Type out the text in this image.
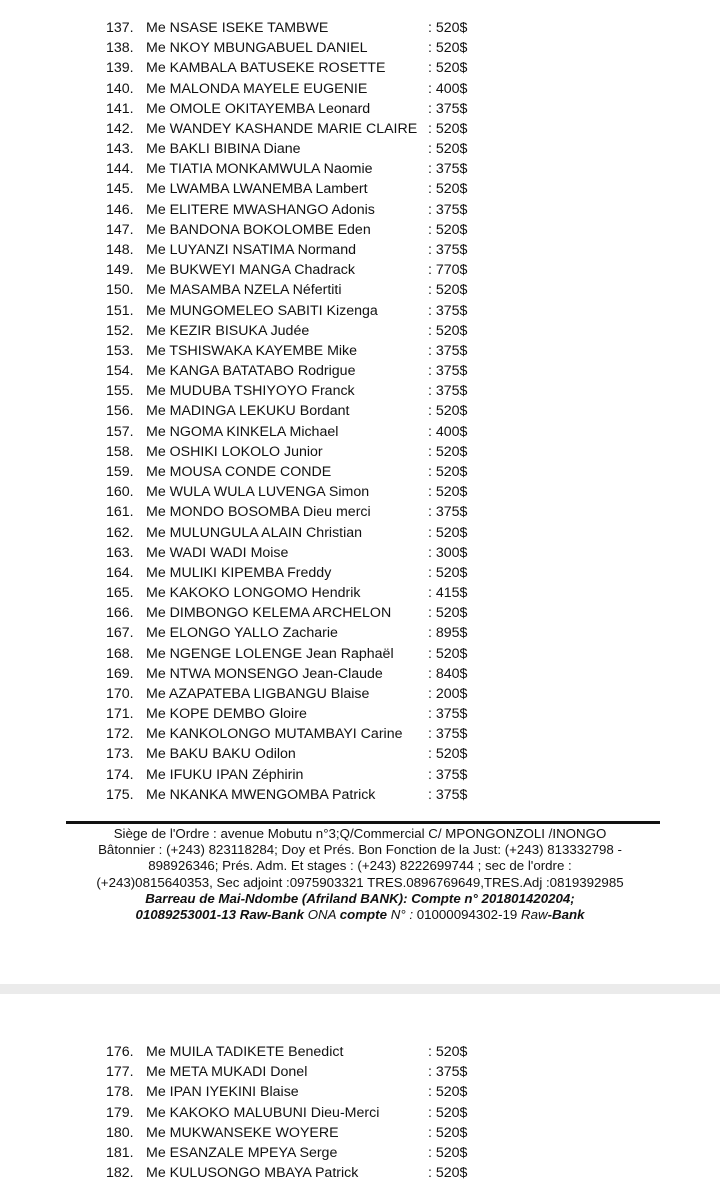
137. Me NSASE ISEKE TAMBWE	: 520$
138. Me NKOY MBUNGABUEL DANIEL	: 520$
139. Me KAMBALA BATUSEKE ROSETTE	: 520$
140. Me MALONDA MAYELE EUGENIE	: 400$
141. Me OMOLE OKITAYEMBA Leonard	: 375$
142. Me WANDEY KASHANDE MARIE CLAIRE : 520$
143. Me BAKLI BIBINA Diane	: 520$
144. Me TIATIA MONKAMWULA Naomie	: 375$
145. Me LWAMBA LWANEMBA Lambert	: 520$
146. Me ELITERE MWASHANGO Adonis	: 375$
147. Me BANDONA BOKOLOMBE Eden	: 520$
148. Me LUYANZI NSATIMA Normand	: 375$
149. Me BUKWEYI MANGA Chadrack	: 770$
150. Me MASAMBA NZELA Néfertiti	: 520$
151. Me MUNGOMELEO SABITI Kizenga	: 375$
152. Me KEZIR BISUKA Judée	: 520$
153. Me TSHISWAKA KAYEMBE Mike	: 375$
154. Me KANGA BATATABO Rodrigue	: 375$
155. Me MUDUBA TSHIYOYO Franck	: 375$
156. Me MADINGA LEKUKU Bordant	: 520$
157. Me NGOMA KINKELA Michael	: 400$
158. Me OSHIKI LOKOLO Junior	: 520$
159. Me MOUSA CONDE CONDE	: 520$
160. Me WULA WULA LUVENGA Simon	: 520$
161. Me MONDO BOSOMBA Dieu merci	: 375$
162. Me MULUNGULA ALAIN Christian	: 520$
163. Me WADI WADI Moise	: 300$
164. Me MULIKI KIPEMBA Freddy	: 520$
165. Me KAKOKO LONGOMO Hendrik	: 415$
166. Me DIMBONGO KELEMA ARCHELON	: 520$
167. Me ELONGO YALLO Zacharie	: 895$
168. Me NGENGE LOLENGE Jean Raphaël : 520$
169. Me NTWA MONSENGO Jean-Claude	: 840$
170. Me AZAPATEBA LIGBANGU Blaise	: 200$
171. Me KOPE DEMBO Gloire	: 375$
172. Me KANKOLONGO MUTAMBAYI Carine : 375$
173. Me BAKU BAKU Odilon	: 520$
174. Me IFUKU IPAN Zéphirin	: 375$
175. Me NKANKA MWENGOMBA Patrick	: 375$
Siège de l'Ordre : avenue Mobutu n°3;Q/Commercial C/ MPONGONZOLI /INONGO
Bâtonnier : (+243) 823118284; Doy et Prés. Bon Fonction de la Just: (+243) 813332798 -
898926346; Prés. Adm. Et stages : (+243) 8222699744 ; sec de l'ordre :
(+243)0815640353, Sec adjoint :0975903321 TRES.0896769649,TRES.Adj :0819392985
Barreau de Mai-Ndombe (Afriland BANK): Compte n° 201801420204;
01089253001-13 Raw-Bank ONA compte N° : 01000094302-19 Raw-Bank
176. Me MUILA TADIKETE Benedict	: 520$
177. Me META MUKADI Donel	: 375$
178. Me IPAN IYEKINI Blaise	: 520$
179. Me KAKOKO MALUBUNI Dieu-Merci	: 520$
180. Me MUKWANSEKE WOYERE	: 520$
181. Me ESANZALE MPEYA Serge	: 520$
182. Me KULUSONGO MBAYA Patrick	: 520$
